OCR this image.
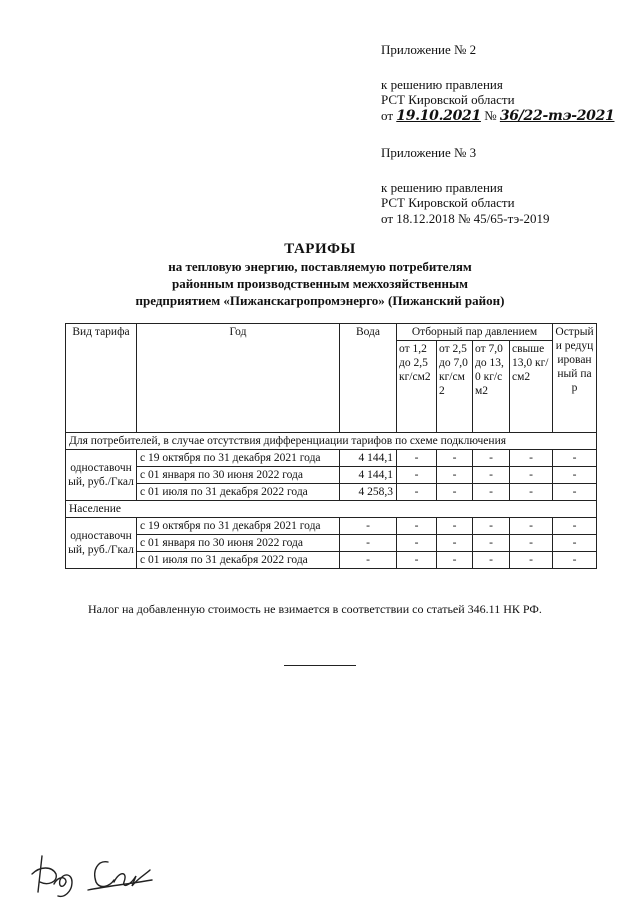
Приложение № 2
к решению правления
РСТ Кировской области
от 19.10.2021 № 36/22-тэ-2021
Приложение № 3
к решению правления
РСТ Кировской области
от 18.12.2018 № 45/65-тэ-2019
ТАРИФЫ
на тепловую энергию, поставляемую потребителям
районным производственным межхозяйственным
предприятием «Пижанскагропромэнерго» (Пижанский район)
Вид тарифа	Год	Вода	Отборный пар давлением				Острый и редуцированный пар
			от 1,2 до 2,5 кг/см2	от 2,5 до 7,0 кг/см2	от 7,0 до 13,0 кг/см2	свыше 13,0 кг/см2	
Для потребителей, в случае отсутствия дифференциации тарифов по схеме подключения							
одноставочный, руб./Гкал	с 19 октября по 31 декабря 2021 года	4 144,1	-	-	-	-	-
	с 01 января по 30 июня 2022 года	4 144,1	-	-	-	-	-
	с 01 июля по 31 декабря 2022 года	4 258,3	-	-	-	-	-
Население							
одноставочный, руб./Гкал	с 19 октября по 31 декабря 2021 года	-	-	-	-	-	-
	с 01 января по 30 июня 2022 года	-	-	-	-	-	-
	с 01 июля по 31 декабря 2022 года	-	-	-	-	-	-
Налог на добавленную стоимость не взимается в соответствии со статьей 346.11 НК РФ.
